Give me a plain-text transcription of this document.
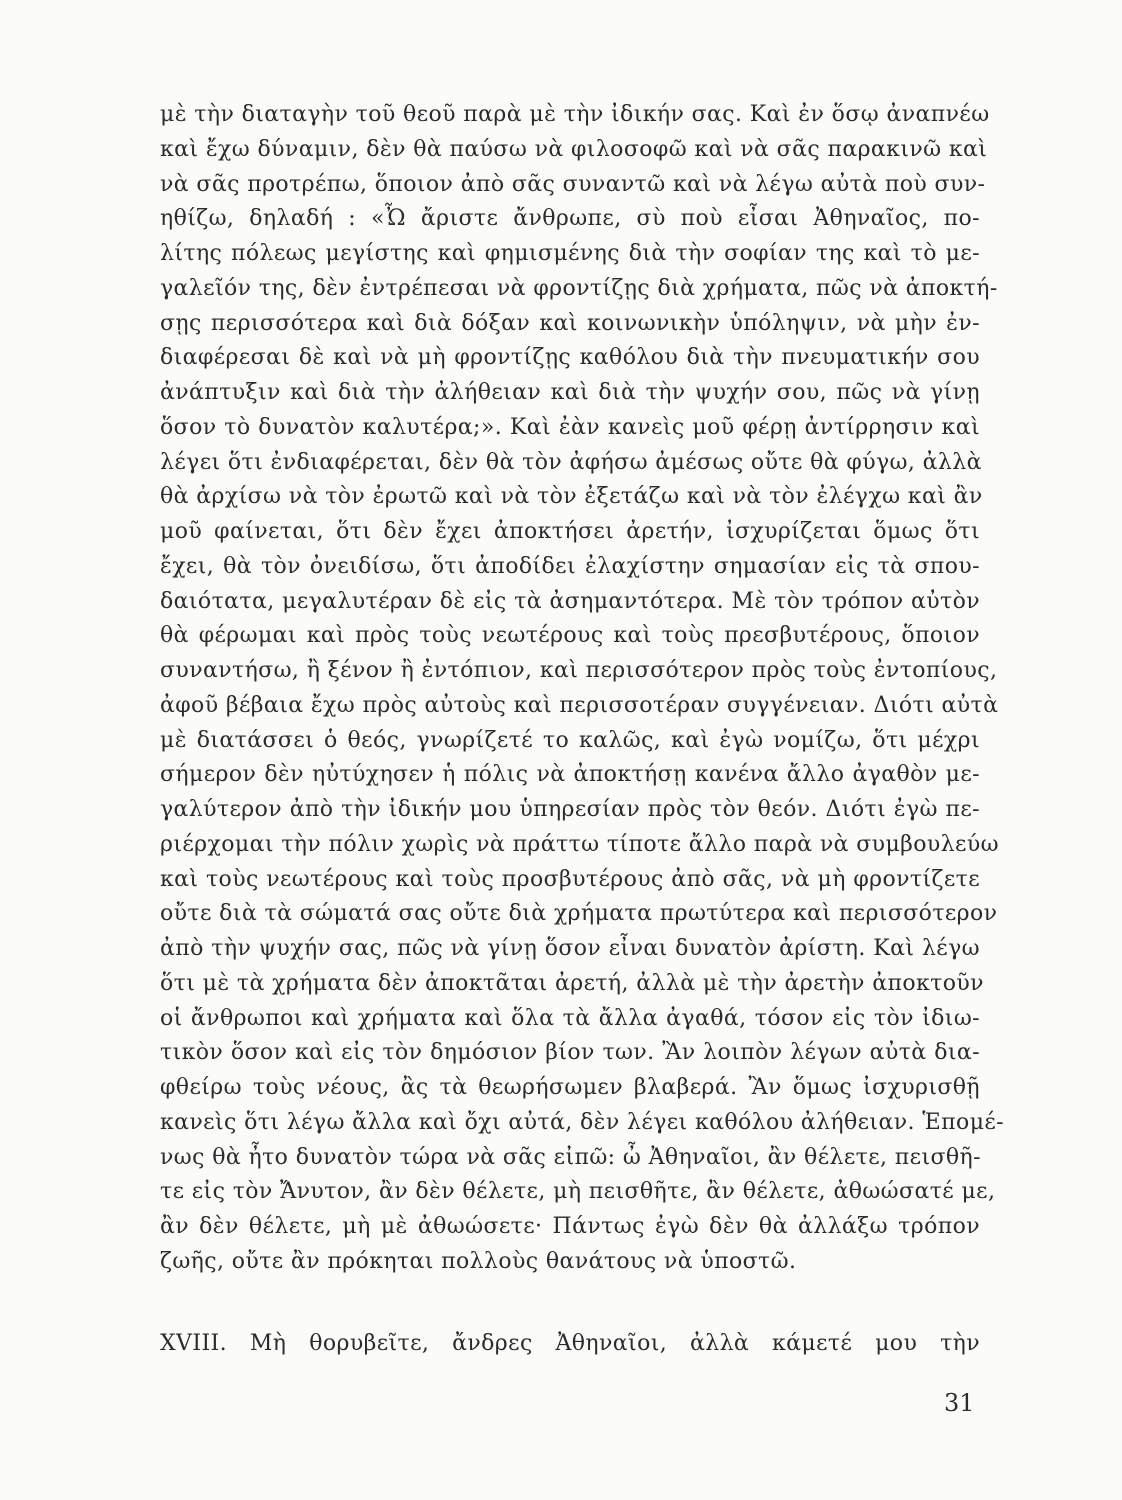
μὲ τὴν διαταγὴν τοῦ θεοῦ παρὰ μὲ τὴν ἰδικήν σας. Καὶ ἐν ὅσῳ ἀναπνέω
καὶ ἔχω δύναμιν, δὲν θὰ παύσω νὰ φιλοσοφῶ καὶ νὰ σᾶς παρακινῶ καὶ
νὰ σᾶς προτρέπω, ὅποιον ἀπὸ σᾶς συναντῶ καὶ νὰ λέγω αὐτὰ ποὺ συν-
ηθίζω, δηλαδή : «Ὦ ἄριστε ἄνθρωπε, σὺ ποὺ εἶσαι Ἀθηναῖος, πο-
λίτης πόλεως μεγίστης καὶ φημισμένης διὰ τὴν σοφίαν της καὶ τὸ με-
γαλεῖόν της, δὲν ἐντρέπεσαι νὰ φροντίζῃς διὰ χρήματα, πῶς νὰ ἀποκτή-
σῃς περισσότερα καὶ διὰ δόξαν καὶ κοινωνικὴν ὑπόληψιν, νὰ μὴν ἐν-
διαφέρεσαι δὲ καὶ νὰ μὴ φροντίζῃς καθόλου διὰ τὴν πνευματικήν σου
ἀνάπτυξιν καὶ διὰ τὴν ἀλήθειαν καὶ διὰ τὴν ψυχήν σου, πῶς νὰ γίνῃ
ὅσον τὸ δυνατὸν καλυτέρα;». Καὶ ἐὰν κανεὶς μοῦ φέρῃ ἀντίρρησιν καὶ
λέγει ὅτι ἐνδιαφέρεται, δὲν θὰ τὸν ἀφήσω ἀμέσως οὔτε θὰ φύγω, ἀλλὰ
θὰ ἀρχίσω νὰ τὸν ἐρωτῶ καὶ νὰ τὸν ἐξετάζω καὶ νὰ τὸν ἐλέγχω καὶ ἂν
μοῦ φαίνεται, ὅτι δὲν ἔχει ἀποκτήσει ἀρετήν, ἰσχυρίζεται ὅμως ὅτι
ἔχει, θὰ τὸν ὀνειδίσω, ὅτι ἀποδίδει ἐλαχίστην σημασίαν εἰς τὰ σπου-
δαιότατα, μεγαλυτέραν δὲ εἰς τὰ ἀσημαντότερα. Μὲ τὸν τρόπον αὐτὸν
θὰ φέρωμαι καὶ πρὸς τοὺς νεωτέρους καὶ τοὺς πρεσβυτέρους, ὅποιον
συναντήσω, ἢ ξένον ἢ ἐντόπιον, καὶ περισσότερον πρὸς τοὺς ἐντοπίους,
ἀφοῦ βέβαια ἔχω πρὸς αὐτοὺς καὶ περισσοτέραν συγγένειαν. Διότι αὐτὰ
μὲ διατάσσει ὁ θεός, γνωρίζετέ το καλῶς, καὶ ἐγὼ νομίζω, ὅτι μέχρι
σήμερον δὲν ηὐτύχησεν ἡ πόλις νὰ ἀποκτήσῃ κανένα ἄλλο ἀγαθὸν με-
γαλύτερον ἀπὸ τὴν ἰδικήν μου ὑπηρεσίαν πρὸς τὸν θεόν. Διότι ἐγὼ πε-
ριέρχομαι τὴν πόλιν χωρὶς νὰ πράττω τίποτε ἄλλο παρὰ νὰ συμβουλεύω
καὶ τοὺς νεωτέρους καὶ τοὺς προσβυτέρους ἀπὸ σᾶς, νὰ μὴ φροντίζετε
οὔτε διὰ τὰ σώματά σας οὔτε διὰ χρήματα πρωτύτερα καὶ περισσότερον
ἀπὸ τὴν ψυχήν σας, πῶς νὰ γίνῃ ὅσον εἶναι δυνατὸν ἀρίστη. Καὶ λέγω
ὅτι μὲ τὰ χρήματα δὲν ἀποκτᾶται ἀρετή, ἀλλὰ μὲ τὴν ἀρετὴν ἀποκτοῦν
οἱ ἄνθρωποι καὶ χρήματα καὶ ὅλα τὰ ἄλλα ἀγαθά, τόσον εἰς τὸν ἰδιω-
τικὸν ὅσον καὶ εἰς τὸν δημόσιον βίον των. Ἂν λοιπὸν λέγων αὐτὰ δια-
φθείρω τοὺς νέους, ἂς τὰ θεωρήσωμεν βλαβερά. Ἂν ὅμως ἰσχυρισθῇ
κανεὶς ὅτι λέγω ἄλλα καὶ ὄχι αὐτά, δὲν λέγει καθόλου ἀλήθειαν. Ἑπομέ-
νως θὰ ἦτο δυνατὸν τώρα νὰ σᾶς εἰπῶ: ὦ Ἀθηναῖοι, ἂν θέλετε, πεισθῆ-
τε εἰς τὸν Ἄνυτον, ἂν δὲν θέλετε, μὴ πεισθῆτε, ἂν θέλετε, ἀθωώσατέ με,
ἂν δὲν θέλετε, μὴ μὲ ἀθωώσετε· Πάντως ἐγὼ δὲν θὰ ἀλλάξω τρόπον
ζωῆς, οὔτε ἂν πρόκηται πολλοὺς θανάτους νὰ ὑποστῶ.
XVIII. Μὴ θορυβεῖτε, ἄνδρες Ἀθηναῖοι, ἀλλὰ κάμετέ μου τὴν
31
